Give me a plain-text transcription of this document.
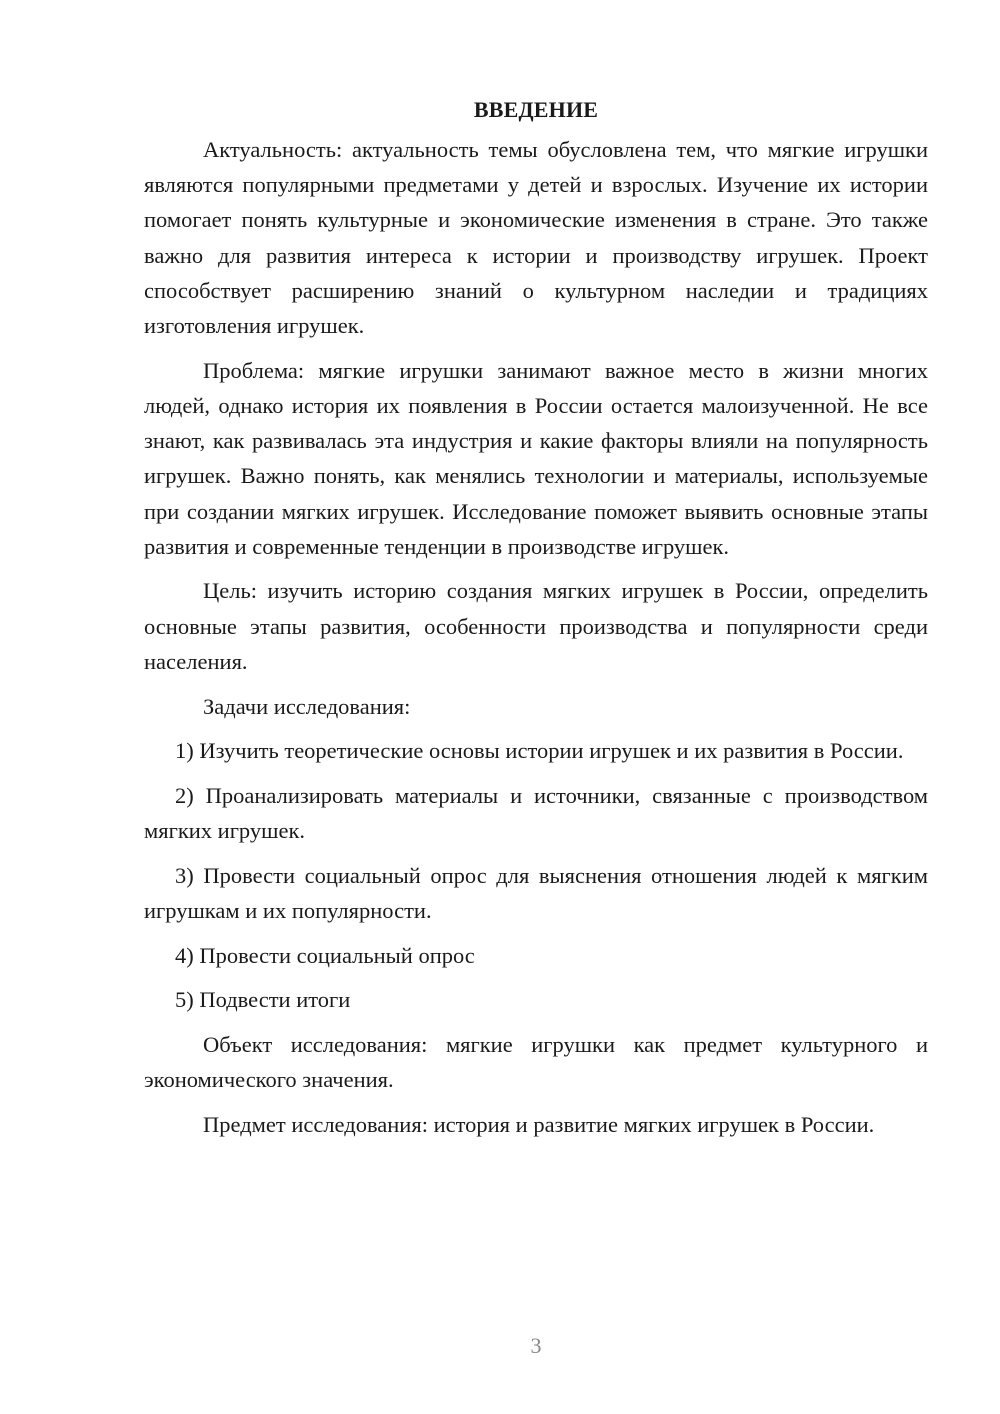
ВВЕДЕНИЕ

Актуальность: актуальность темы обусловлена тем, что мягкие игрушки являются популярными предметами у детей и взрослых. Изучение их истории помогает понять культурные и экономические изменения в стране. Это также важно для развития интереса к истории и производству игрушек. Проект способствует расширению знаний о культурном наследии и традициях изготовления игрушек.

Проблема: мягкие игрушки занимают важное место в жизни многих людей, однако история их появления в России остается малоизученной. Не все знают, как развивалась эта индустрия и какие факторы влияли на популярность игрушек. Важно понять, как менялись технологии и материалы, используемые при создании мягких игрушек. Исследование поможет выявить основные этапы развития и современные тенденции в производстве игрушек.

Цель: изучить историю создания мягких игрушек в России, определить основные этапы развития, особенности производства и популярности среди населения.

Задачи исследования:

1) Изучить теоретические основы истории игрушек и их развития в России.

2) Проанализировать материалы и источники, связанные с производством мягких игрушек.

3) Провести социальный опрос для выяснения отношения людей к мягким игрушкам и их популярности.

4) Провести социальный опрос

5) Подвести итоги

Объект исследования: мягкие игрушки как предмет культурного и экономического значения.

Предмет исследования: история и развитие мягких игрушек в России.

3
